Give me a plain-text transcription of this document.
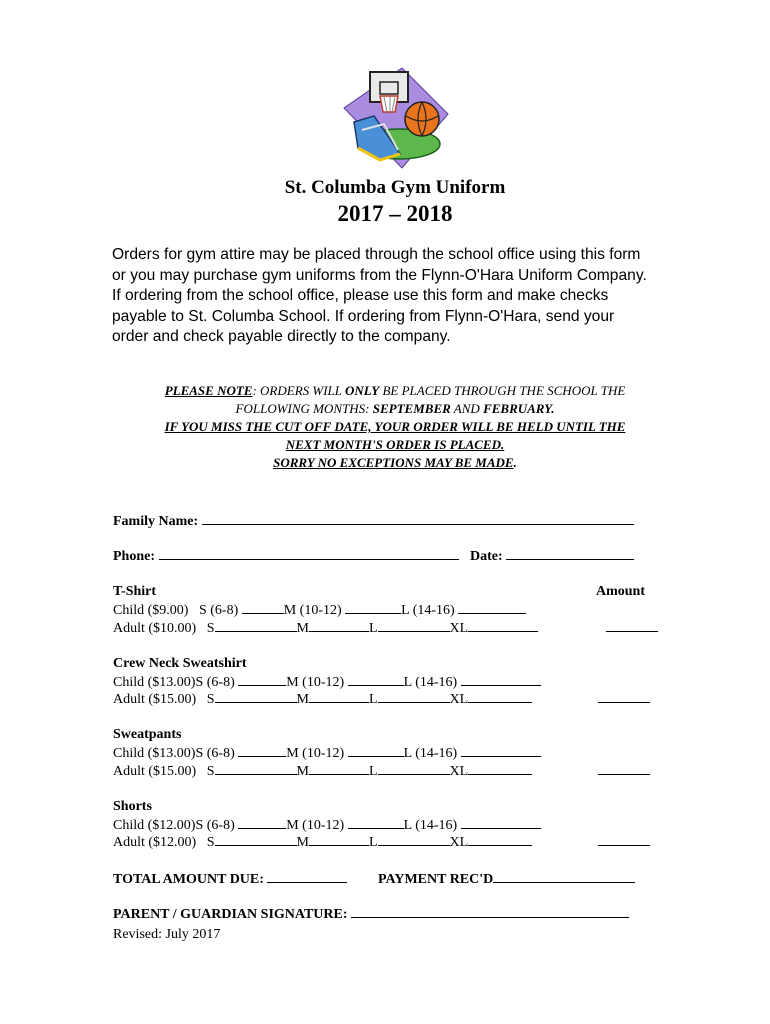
St. Columba Gym Uniform
2017 – 2018

Orders for gym attire may be placed through the school office using this form

or you may purchase gym uniforms from the Flynn-O'Hara Uniform Company.

If ordering from the school office, please use this form and make checks

payable to St. Columba School. If ordering from Flynn-O'Hara, send your

order and check payable directly to the company.

PLEASE NOTE: ORDERS WILL ONLY BE PLACED THROUGH THE SCHOOL THE
FOLLOWING MONTHS: SEPTEMBER AND FEBRUARY.
IF YOU MISS THE CUT OFF DATE, YOUR ORDER WILL BE HELD UNTIL THE
NEXT MONTH'S ORDER IS PLACED.
SORRY NO EXCEPTIONS MAY BE MADE.
Family Name:
Phone:	Date:
T-Shirt	Amount
Child ($9.00) S (6-8)	M (10-12)	L (14-16)
Adult ($10.00) S	M	L	XL
Crew Neck Sweatshirt
Child ($13.00)S (6-8)	M (10-12)	L (14-16)
Adult ($15.00) S	M	L	XL
Sweatpants
Child ($13.00)S (6-8)	M (10-12)	L (14-16)
Adult ($15.00) S	M	L	XL
Shorts
Child ($12.00)S (6-8)	M (10-12)	L (14-16)
Adult ($12.00) S	M	L	XL
TOTAL AMOUNT DUE:	PAYMENT REC'D
PARENT / GUARDIAN SIGNATURE:
Revised: July 2017
